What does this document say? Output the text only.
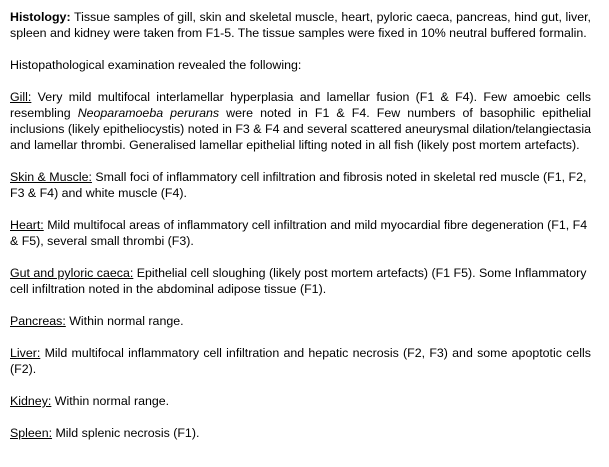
Histology: Tissue samples of gill, skin and skeletal muscle, heart, pyloric caeca, pancreas, hind gut, liver, spleen and kidney were taken from F1-5. The tissue samples were fixed in 10% neutral buffered formalin.

Histopathological examination revealed the following:

Gill: Very mild multifocal interlamellar hyperplasia and lamellar fusion (F1 & F4). Few amoebic cells resembling Neoparamoeba perurans were noted in F1 & F4. Few numbers of basophilic epithelial inclusions (likely epitheliocystis) noted in F3 & F4 and several scattered aneurysmal dilation/telangiectasia and lamellar thrombi. Generalised lamellar epithelial lifting noted in all fish (likely post mortem artefacts).

Skin & Muscle: Small foci of inflammatory cell infiltration and fibrosis noted in skeletal red muscle (F1, F2, F3 & F4) and white muscle (F4).

Heart: Mild multifocal areas of inflammatory cell infiltration and mild myocardial fibre degeneration (F1, F4 & F5), several small thrombi (F3).

Gut and pyloric caeca: Epithelial cell sloughing (likely post mortem artefacts) (F1 F5). Some Inflammatory cell infiltration noted in the abdominal adipose tissue (F1).

Pancreas: Within normal range.

Liver: Mild multifocal inflammatory cell infiltration and hepatic necrosis (F2, F3) and some apoptotic cells (F2).

Kidney: Within normal range.

Spleen: Mild splenic necrosis (F1).
